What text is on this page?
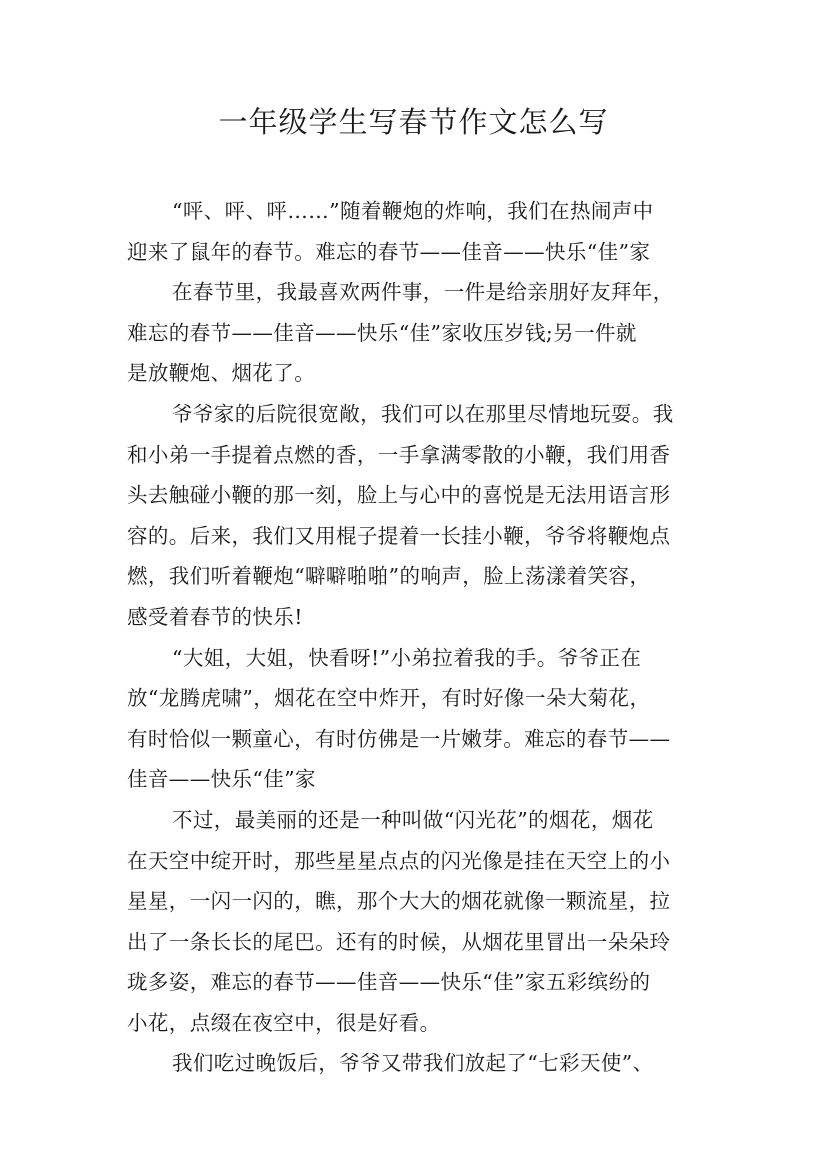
一年级学生写春节作文怎么写
“呯、呯、呯……”随着鞭炮的炸响，我们在热闹声中
迎来了鼠年的春节。难忘的春节——佳音——快乐“佳”家
在春节里，我最喜欢两件事，一件是给亲朋好友拜年，
难忘的春节——佳音——快乐“佳”家收压岁钱;另一件就
是放鞭炮、烟花了。
爷爷家的后院很宽敞，我们可以在那里尽情地玩耍。我
和小弟一手提着点燃的香，一手拿满零散的小鞭，我们用香
头去触碰小鞭的那一刻，脸上与心中的喜悦是无法用语言形
容的。后来，我们又用棍子提着一长挂小鞭，爷爷将鞭炮点
燃，我们听着鞭炮“噼噼啪啪”的响声，脸上荡漾着笑容，
感受着春节的快乐!
“大姐，大姐，快看呀!”小弟拉着我的手。爷爷正在
放“龙腾虎啸”，烟花在空中炸开，有时好像一朵大菊花，
有时恰似一颗童心，有时仿佛是一片嫩芽。难忘的春节——
佳音——快乐“佳”家
不过，最美丽的还是一种叫做“闪光花”的烟花，烟花
在天空中绽开时，那些星星点点的闪光像是挂在天空上的小
星星，一闪一闪的，瞧，那个大大的烟花就像一颗流星，拉
出了一条长长的尾巴。还有的时候，从烟花里冒出一朵朵玲
珑多姿，难忘的春节——佳音——快乐“佳”家五彩缤纷的
小花，点缀在夜空中，很是好看。
我们吃过晚饭后，爷爷又带我们放起了“七彩天使”、
